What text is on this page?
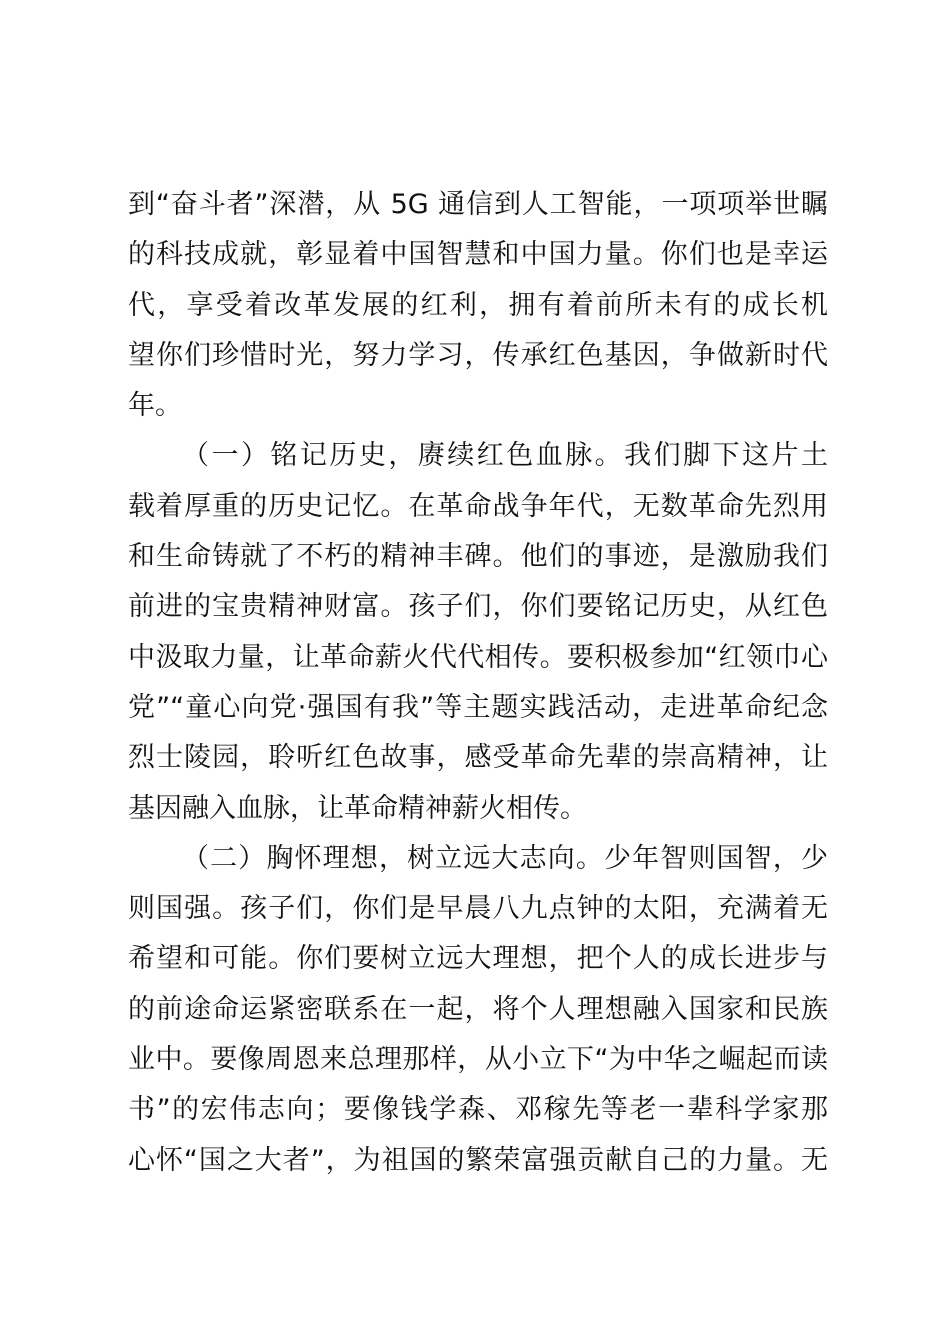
到“奋斗者”深潜，从 5G 通信到人工智能，一项项举世瞩
的科技成就，彰显着中国智慧和中国力量。你们也是幸运
代，享受着改革发展的红利，拥有着前所未有的成长机
望你们珍惜时光，努力学习，传承红色基因，争做新时代
年。
（一）铭记历史，赓续红色血脉。我们脚下这片土
载着厚重的历史记忆。在革命战争年代，无数革命先烈用
和生命铸就了不朽的精神丰碑。他们的事迹，是激励我们
前进的宝贵精神财富。孩子们，你们要铭记历史，从红色
中汲取力量，让革命薪火代代相传。要积极参加“红领巾心
党”“童心向党·强国有我”等主题实践活动，走进革命纪念
烈士陵园，聆听红色故事，感受革命先辈的崇高精神，让
基因融入血脉，让革命精神薪火相传。
（二）胸怀理想，树立远大志向。少年智则国智，少
则国强。孩子们，你们是早晨八九点钟的太阳，充满着无
希望和可能。你们要树立远大理想，把个人的成长进步与
的前途命运紧密联系在一起，将个人理想融入国家和民族
业中。要像周恩来总理那样，从小立下“为中华之崛起而读
书”的宏伟志向；要像钱学森、邓稼先等老一辈科学家那
心怀“国之大者”，为祖国的繁荣富强贡献自己的力量。无
